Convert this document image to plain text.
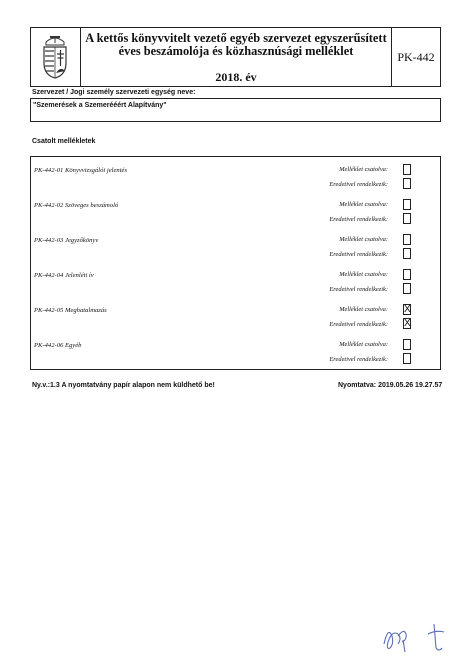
A kettős könyvvitelt vezető egyéb szervezet egyszerűsített
éves beszámolója és közhasznúsági melléklet
2018. év
PK-442
Szervezet / Jogi személy szervezeti egység neve:
"Szemerések a Szemerééért Alapítvány"
Csatolt mellékletek
PK-442-01 Könyvvizsgálói jelentés	Melléklet csatolva:
Eredetivel rendelkezik:
PK-442-02 Szöveges beszámoló	Melléklet csatolva:
Eredetivel rendelkezik:
PK-442-03 Jegyzőkönyv	Melléklet csatolva:
Eredetivel rendelkezik:
PK-442-04 Jelenléti ív	Melléklet csatolva:
Eredetivel rendelkezik:
PK-442-05 Meghatalmazás	Melléklet csatolva: X
Eredetivel rendelkezik: X
PK-442-06 Egyéb	Melléklet csatolva:
Eredetivel rendelkezik:
Ny.v.:1.3 A nyomtatvány papír alapon nem küldhető be!	Nyomtatva: 2019.05.26 19.27.57
